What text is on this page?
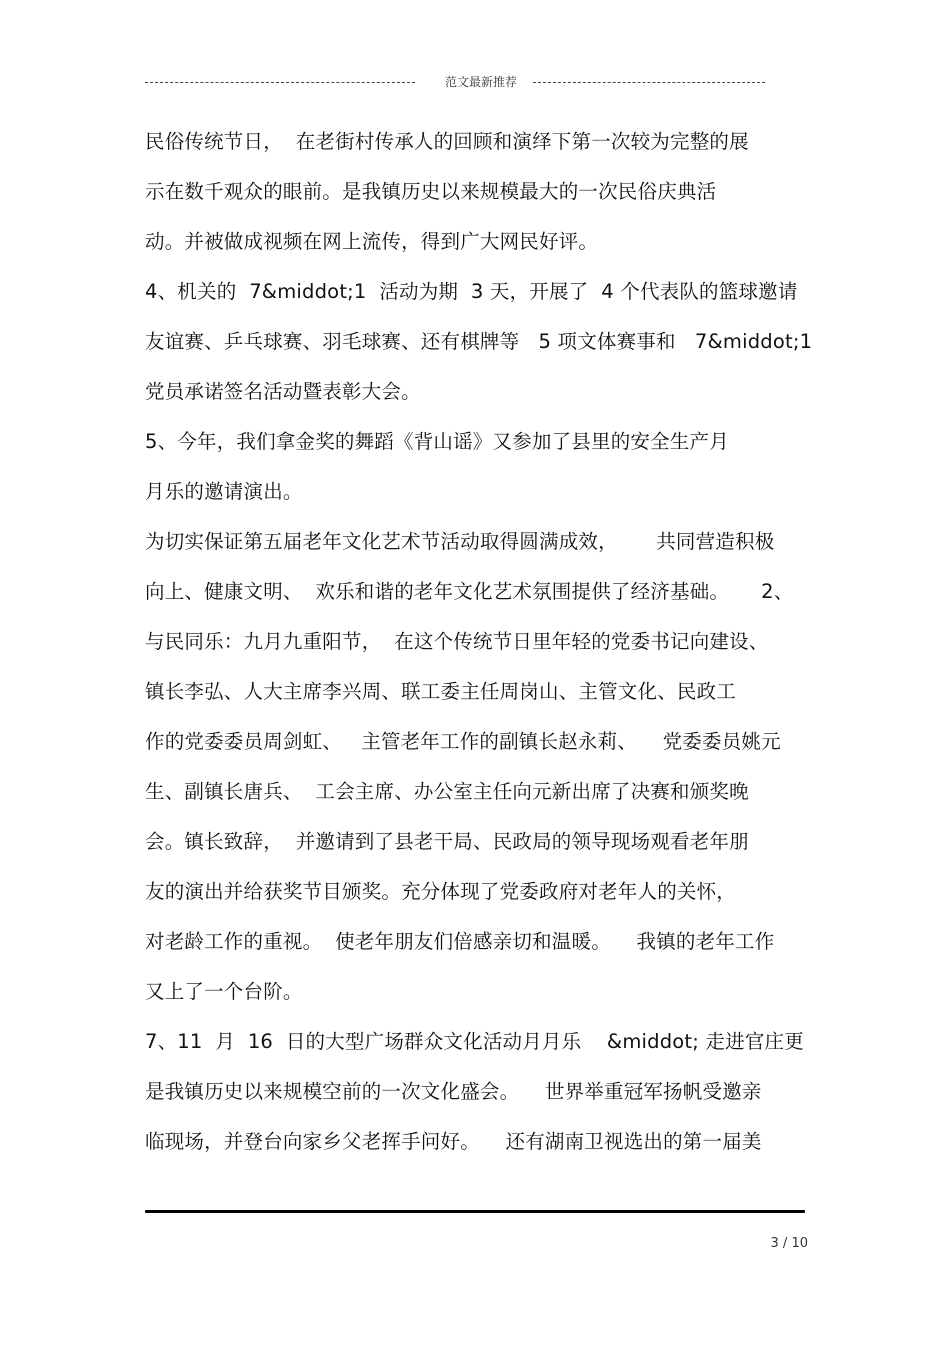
范文最新推荐
民俗传统节日，  在老街村传承人的回顾和演绎下第一次较为完整的展
示在数千观众的眼前。是我镇历史以来规模最大的一次民俗庆典活
动。并被做成视频在网上流传，得到广大网民好评。
4、机关的  7&middot;1  活动为期  3 天，开展了  4 个代表队的篮球邀请
友谊赛、乒乓球赛、羽毛球赛、还有棋牌等   5 项文体赛事和   7&middot;1
党员承诺签名活动暨表彰大会。
5、今年，我们拿金奖的舞蹈《背山谣》又参加了县里的安全生产月
月乐的邀请演出。
为切实保证第五届老年文化艺术节活动取得圆满成效，      共同营造积极
向上、健康文明、  欢乐和谐的老年文化艺术氛围提供了经济基础。     2、
与民同乐：九月九重阳节，  在这个传统节日里年轻的党委书记向建设、
镇长李弘、人大主席李兴周、联工委主任周岗山、主管文化、民政工
作的党委委员周剑虹、   主管老年工作的副镇长赵永莉、    党委委员姚元
生、副镇长唐兵、  工会主席、办公室主任向元新出席了决赛和颁奖晚
会。镇长致辞，  并邀请到了县老干局、民政局的领导现场观看老年朋
友的演出并给获奖节目颁奖。充分体现了党委政府对老年人的关怀，
对老龄工作的重视。  使老年朋友们倍感亲切和温暖。    我镇的老年工作
又上了一个台阶。
7、11  月  16  日的大型广场群众文化活动月月乐    &middot; 走进官庄更
是我镇历史以来规模空前的一次文化盛会。    世界举重冠军扬帆受邀亲
临现场，并登台向家乡父老挥手问好。    还有湖南卫视选出的第一届美
3 / 10
